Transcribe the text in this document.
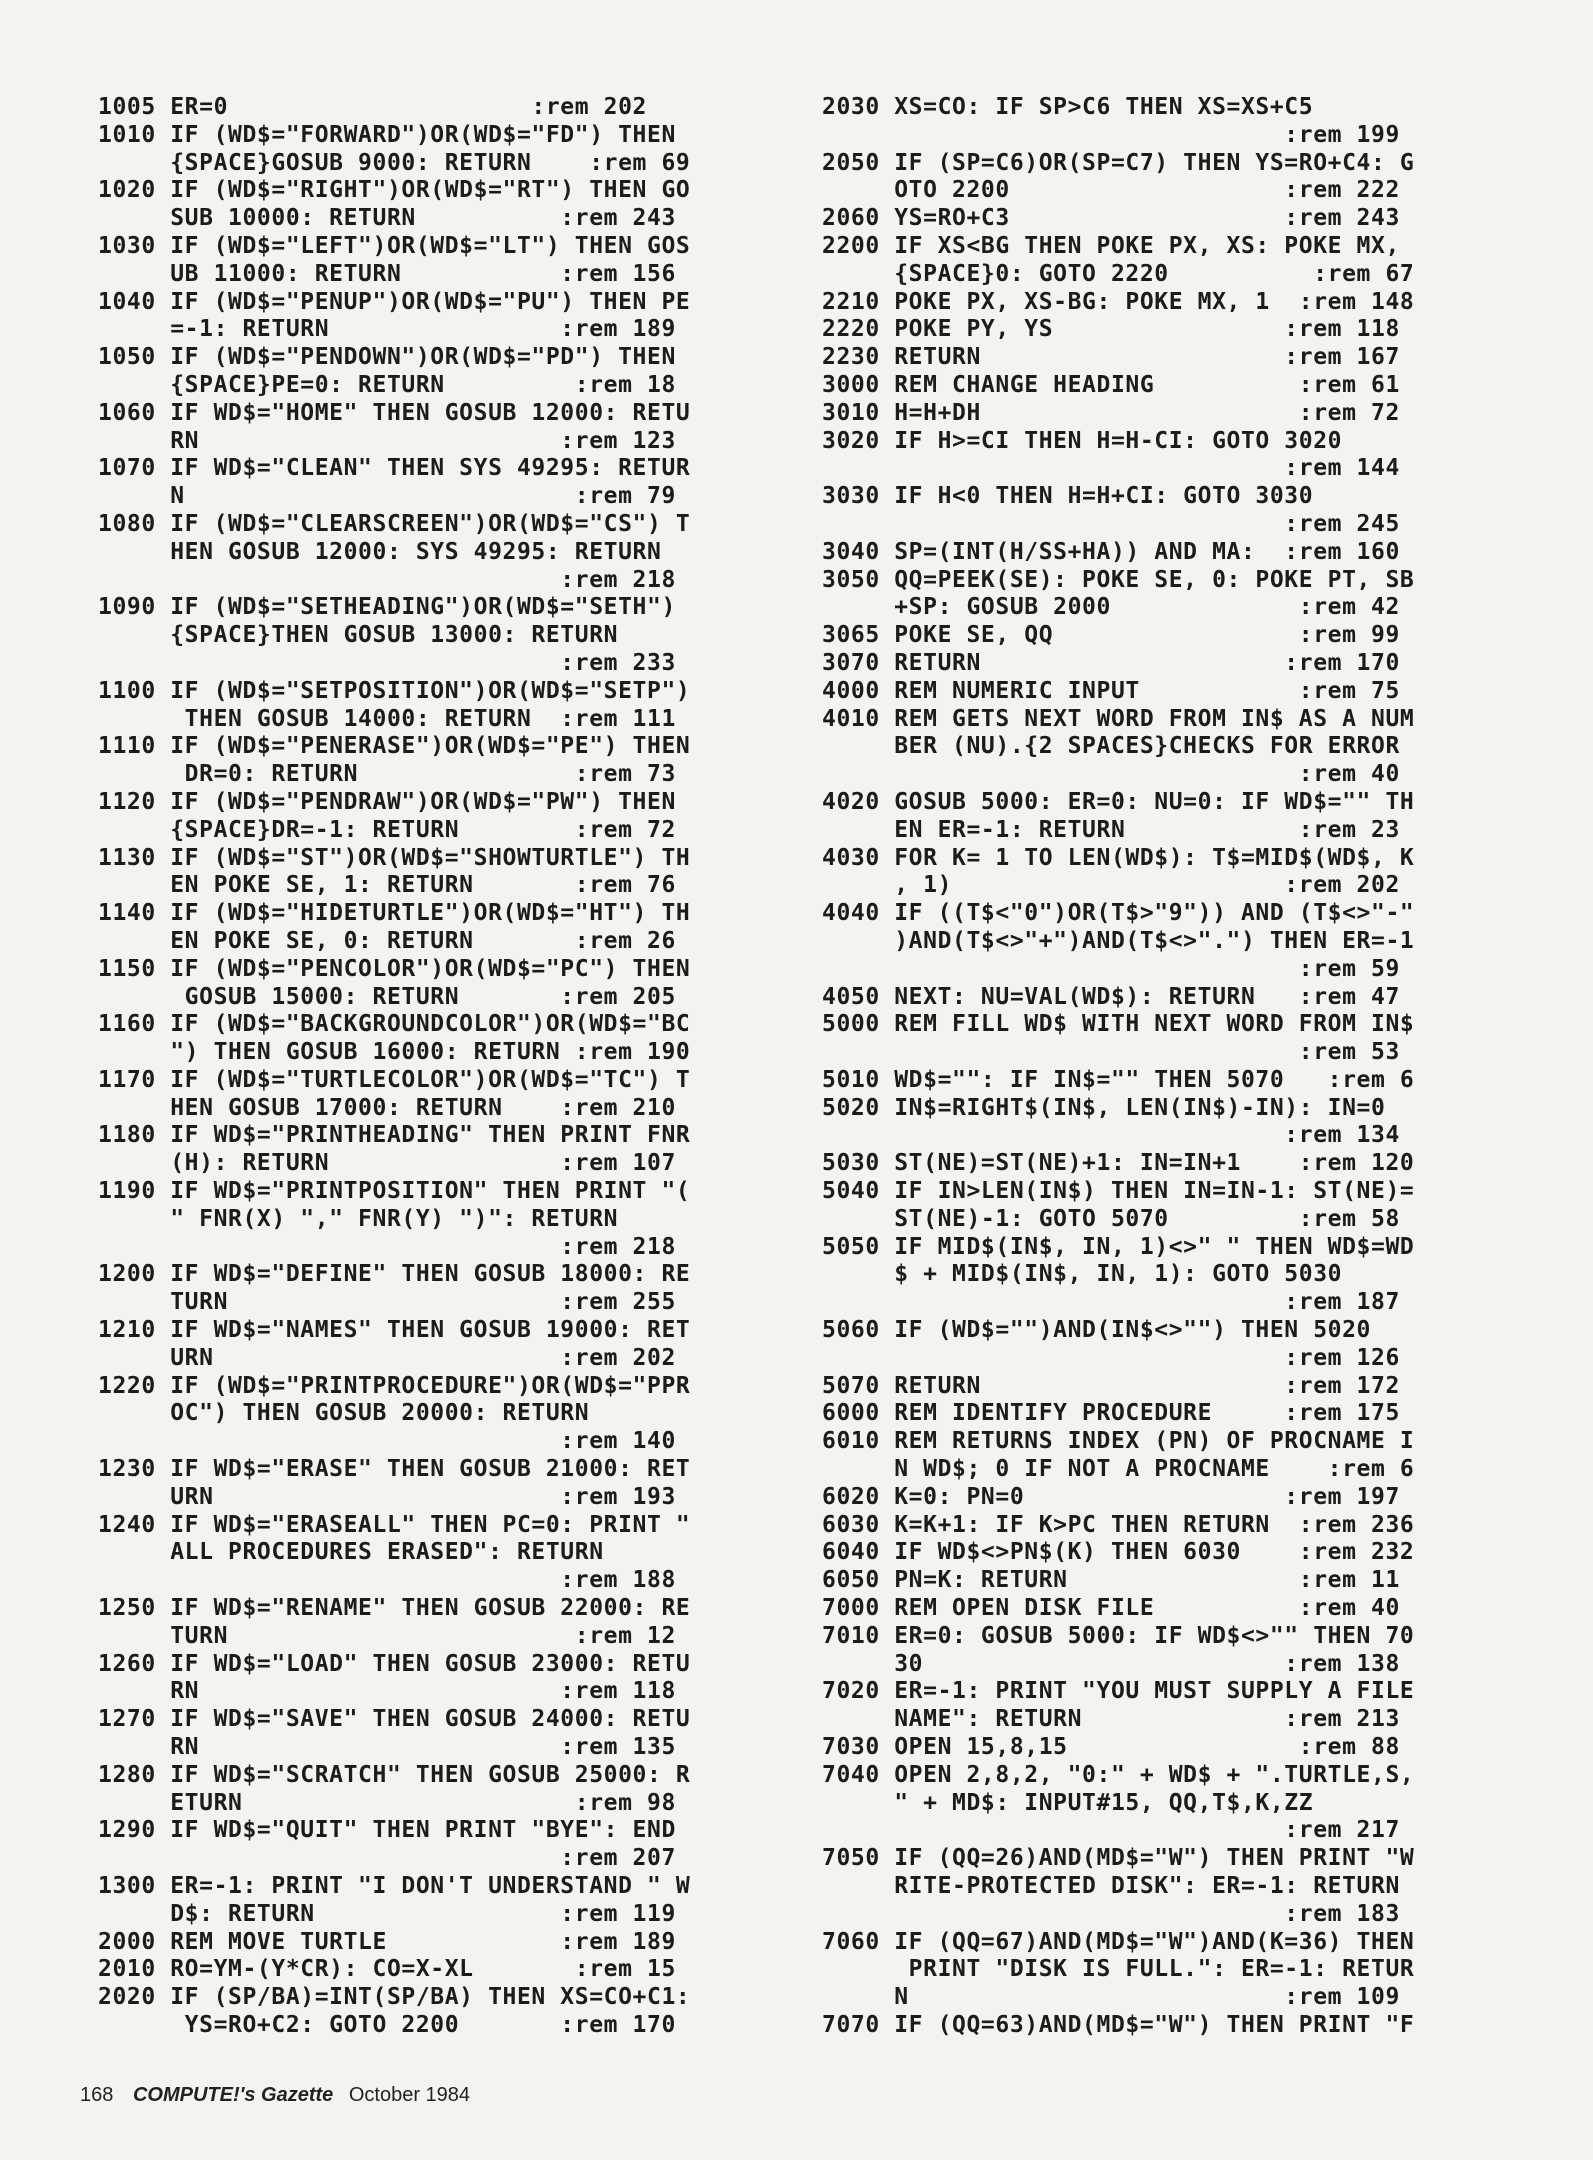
1005 ER=0                     :rem 202
1010 IF (WD$="FORWARD")OR(WD$="FD") THEN
{SPACE}GOSUB 9000: RETURN    :rem 69
1020 IF (WD$="RIGHT")OR(WD$="RT") THEN GO
SUB 10000: RETURN          :rem 243
1030 IF (WD$="LEFT")OR(WD$="LT") THEN GOS
UB 11000: RETURN           :rem 156
1040 IF (WD$="PENUP")OR(WD$="PU") THEN PE
=-1: RETURN                :rem 189
1050 IF (WD$="PENDOWN")OR(WD$="PD") THEN
{SPACE}PE=0: RETURN         :rem 18
1060 IF WD$="HOME" THEN GOSUB 12000: RETU
RN                         :rem 123
1070 IF WD$="CLEAN" THEN SYS 49295: RETUR
N                           :rem 79
1080 IF (WD$="CLEARSCREEN")OR(WD$="CS") T
HEN GOSUB 12000: SYS 49295: RETURN
:rem 218
1090 IF (WD$="SETHEADING")OR(WD$="SETH")
{SPACE}THEN GOSUB 13000: RETURN
:rem 233
1100 IF (WD$="SETPOSITION")OR(WD$="SETP")
THEN GOSUB 14000: RETURN  :rem 111
1110 IF (WD$="PENERASE")OR(WD$="PE") THEN
DR=0: RETURN               :rem 73
1120 IF (WD$="PENDRAW")OR(WD$="PW") THEN
{SPACE}DR=-1: RETURN        :rem 72
1130 IF (WD$="ST")OR(WD$="SHOWTURTLE") TH
EN POKE SE, 1: RETURN       :rem 76
1140 IF (WD$="HIDETURTLE")OR(WD$="HT") TH
EN POKE SE, 0: RETURN       :rem 26
1150 IF (WD$="PENCOLOR")OR(WD$="PC") THEN
GOSUB 15000: RETURN       :rem 205
1160 IF (WD$="BACKGROUNDCOLOR")OR(WD$="BC
") THEN GOSUB 16000: RETURN :rem 190
1170 IF (WD$="TURTLECOLOR")OR(WD$="TC") T
HEN GOSUB 17000: RETURN    :rem 210
1180 IF WD$="PRINTHEADING" THEN PRINT FNR
(H): RETURN                :rem 107
1190 IF WD$="PRINTPOSITION" THEN PRINT "(
" FNR(X) "," FNR(Y) ")": RETURN
:rem 218
1200 IF WD$="DEFINE" THEN GOSUB 18000: RE
TURN                       :rem 255
1210 IF WD$="NAMES" THEN GOSUB 19000: RET
URN                        :rem 202
1220 IF (WD$="PRINTPROCEDURE")OR(WD$="PPR
OC") THEN GOSUB 20000: RETURN
:rem 140
1230 IF WD$="ERASE" THEN GOSUB 21000: RET
URN                        :rem 193
1240 IF WD$="ERASEALL" THEN PC=0: PRINT "
ALL PROCEDURES ERASED": RETURN
:rem 188
1250 IF WD$="RENAME" THEN GOSUB 22000: RE
TURN                        :rem 12
1260 IF WD$="LOAD" THEN GOSUB 23000: RETU
RN                         :rem 118
1270 IF WD$="SAVE" THEN GOSUB 24000: RETU
RN                         :rem 135
1280 IF WD$="SCRATCH" THEN GOSUB 25000: R
ETURN                       :rem 98
1290 IF WD$="QUIT" THEN PRINT "BYE": END
:rem 207
1300 ER=-1: PRINT "I DON'T UNDERSTAND " W
D$: RETURN                 :rem 119
2000 REM MOVE TURTLE            :rem 189
2010 RO=YM-(Y*CR): CO=X-XL       :rem 15
2020 IF (SP/BA)=INT(SP/BA) THEN XS=CO+C1:
YS=RO+C2: GOTO 2200       :rem 170
2030 XS=CO: IF SP>C6 THEN XS=XS+C5
:rem 199
2050 IF (SP=C6)OR(SP=C7) THEN YS=RO+C4: G
OTO 2200                   :rem 222
2060 YS=RO+C3                   :rem 243
2200 IF XS<BG THEN POKE PX, XS: POKE MX,
{SPACE}0: GOTO 2220          :rem 67
2210 POKE PX, XS-BG: POKE MX, 1  :rem 148
2220 POKE PY, YS                :rem 118
2230 RETURN                     :rem 167
3000 REM CHANGE HEADING          :rem 61
3010 H=H+DH                      :rem 72
3020 IF H>=CI THEN H=H-CI: GOTO 3020
:rem 144
3030 IF H<0 THEN H=H+CI: GOTO 3030
:rem 245
3040 SP=(INT(H/SS+HA)) AND MA:  :rem 160
3050 QQ=PEEK(SE): POKE SE, 0: POKE PT, SB
+SP: GOSUB 2000             :rem 42
3065 POKE SE, QQ                 :rem 99
3070 RETURN                     :rem 170
4000 REM NUMERIC INPUT           :rem 75
4010 REM GETS NEXT WORD FROM IN$ AS A NUM
BER (NU).{2 SPACES}CHECKS FOR ERROR
:rem 40
4020 GOSUB 5000: ER=0: NU=0: IF WD$="" TH
EN ER=-1: RETURN            :rem 23
4030 FOR K= 1 TO LEN(WD$): T$=MID$(WD$, K
, 1)                       :rem 202
4040 IF ((T$<"0")OR(T$>"9")) AND (T$<>"-"
)AND(T$<>"+")AND(T$<>".") THEN ER=-1
:rem 59
4050 NEXT: NU=VAL(WD$): RETURN   :rem 47
5000 REM FILL WD$ WITH NEXT WORD FROM IN$
:rem 53
5010 WD$="": IF IN$="" THEN 5070   :rem 6
5020 IN$=RIGHT$(IN$, LEN(IN$)-IN): IN=0
:rem 134
5030 ST(NE)=ST(NE)+1: IN=IN+1    :rem 120
5040 IF IN>LEN(IN$) THEN IN=IN-1: ST(NE)=
ST(NE)-1: GOTO 5070         :rem 58
5050 IF MID$(IN$, IN, 1)<>" " THEN WD$=WD
$ + MID$(IN$, IN, 1): GOTO 5030
:rem 187
5060 IF (WD$="")AND(IN$<>"") THEN 5020
:rem 126
5070 RETURN                     :rem 172
6000 REM IDENTIFY PROCEDURE     :rem 175
6010 REM RETURNS INDEX (PN) OF PROCNAME I
N WD$; 0 IF NOT A PROCNAME    :rem 6
6020 K=0: PN=0                  :rem 197
6030 K=K+1: IF K>PC THEN RETURN  :rem 236
6040 IF WD$<>PN$(K) THEN 6030    :rem 232
6050 PN=K: RETURN                :rem 11
7000 REM OPEN DISK FILE          :rem 40
7010 ER=0: GOSUB 5000: IF WD$<>"" THEN 70
30                         :rem 138
7020 ER=-1: PRINT "YOU MUST SUPPLY A FILE
NAME": RETURN              :rem 213
7030 OPEN 15,8,15                :rem 88
7040 OPEN 2,8,2, "0:" + WD$ + ".TURTLE,S,
" + MD$: INPUT#15, QQ,T$,K,ZZ
:rem 217
7050 IF (QQ=26)AND(MD$="W") THEN PRINT "W
RITE-PROTECTED DISK": ER=-1: RETURN
:rem 183
7060 IF (QQ=67)AND(MD$="W")AND(K=36) THEN
PRINT "DISK IS FULL.": ER=-1: RETUR
N                          :rem 109
7070 IF (QQ=63)AND(MD$="W") THEN PRINT "F
168 COMPUTE!'s Gazette October 1984
